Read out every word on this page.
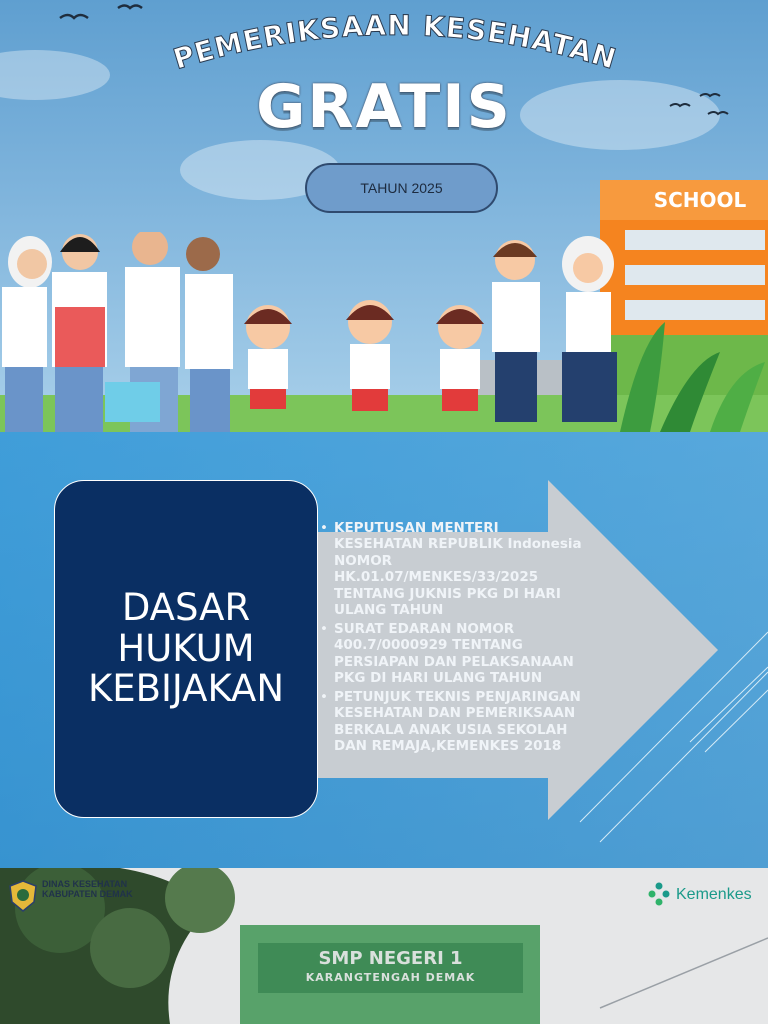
PEMERIKSAAN KESEHATAN
GRATIS
TAHUN 2025	SCHOOL
DASAR HUKUM KEBIJAKAN
• KEPUTUSAN MENTERI KESEHATAN REPUBLIK Indonesia NOMOR HK.01.07/MENKES/33/2025 TENTANG JUKNIS PKG DI HARI ULANG TAHUN
• SURAT EDARAN NOMOR 400.7/0000929 TENTANG PERSIAPAN DAN PELAKSANAAN PKG DI HARI ULANG TAHUN
• PETUNJUK TEKNIS PENJARINGAN KESEHATAN DAN PEMERIKSAAN BERKALA ANAK USIA SEKOLAH DAN REMAJA,KEMENKES 2018
DINAS KESEHATAN KABUPATEN DEMAK	Kemenkes
SMP NEGERI 1
KARANGTENGAH DEMAK
